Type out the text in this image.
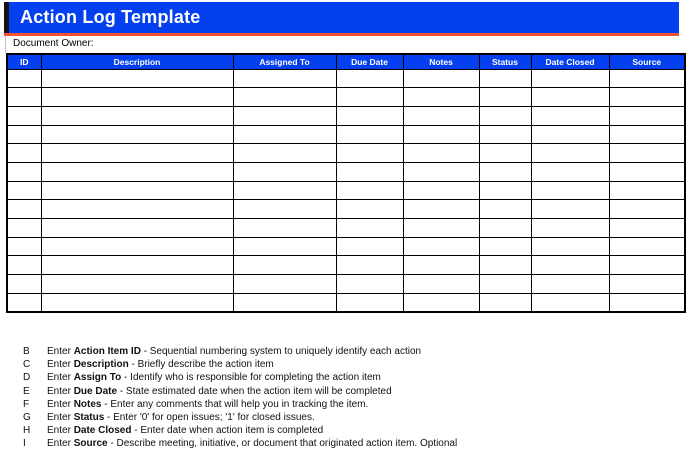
Action Log Template
Document Owner:
ID	Description	Assigned To	Due Date	Notes	Status	Date Closed	Source

B	Enter Action Item ID - Sequential numbering system to uniquely identify each action
C	Enter Description - Briefly describe the action item
D	Enter Assign To - Identify who is responsible for completing the action item
E	Enter Due Date - State estimated date when the action item will be completed
F	Enter Notes - Enter any comments that will help you in tracking the item.
G	Enter Status - Enter '0' for open issues; '1' for closed issues.
H	Enter Date Closed - Enter date when action item is completed
I	Enter Source - Describe meeting, initiative, or document that originated action item. Optional
